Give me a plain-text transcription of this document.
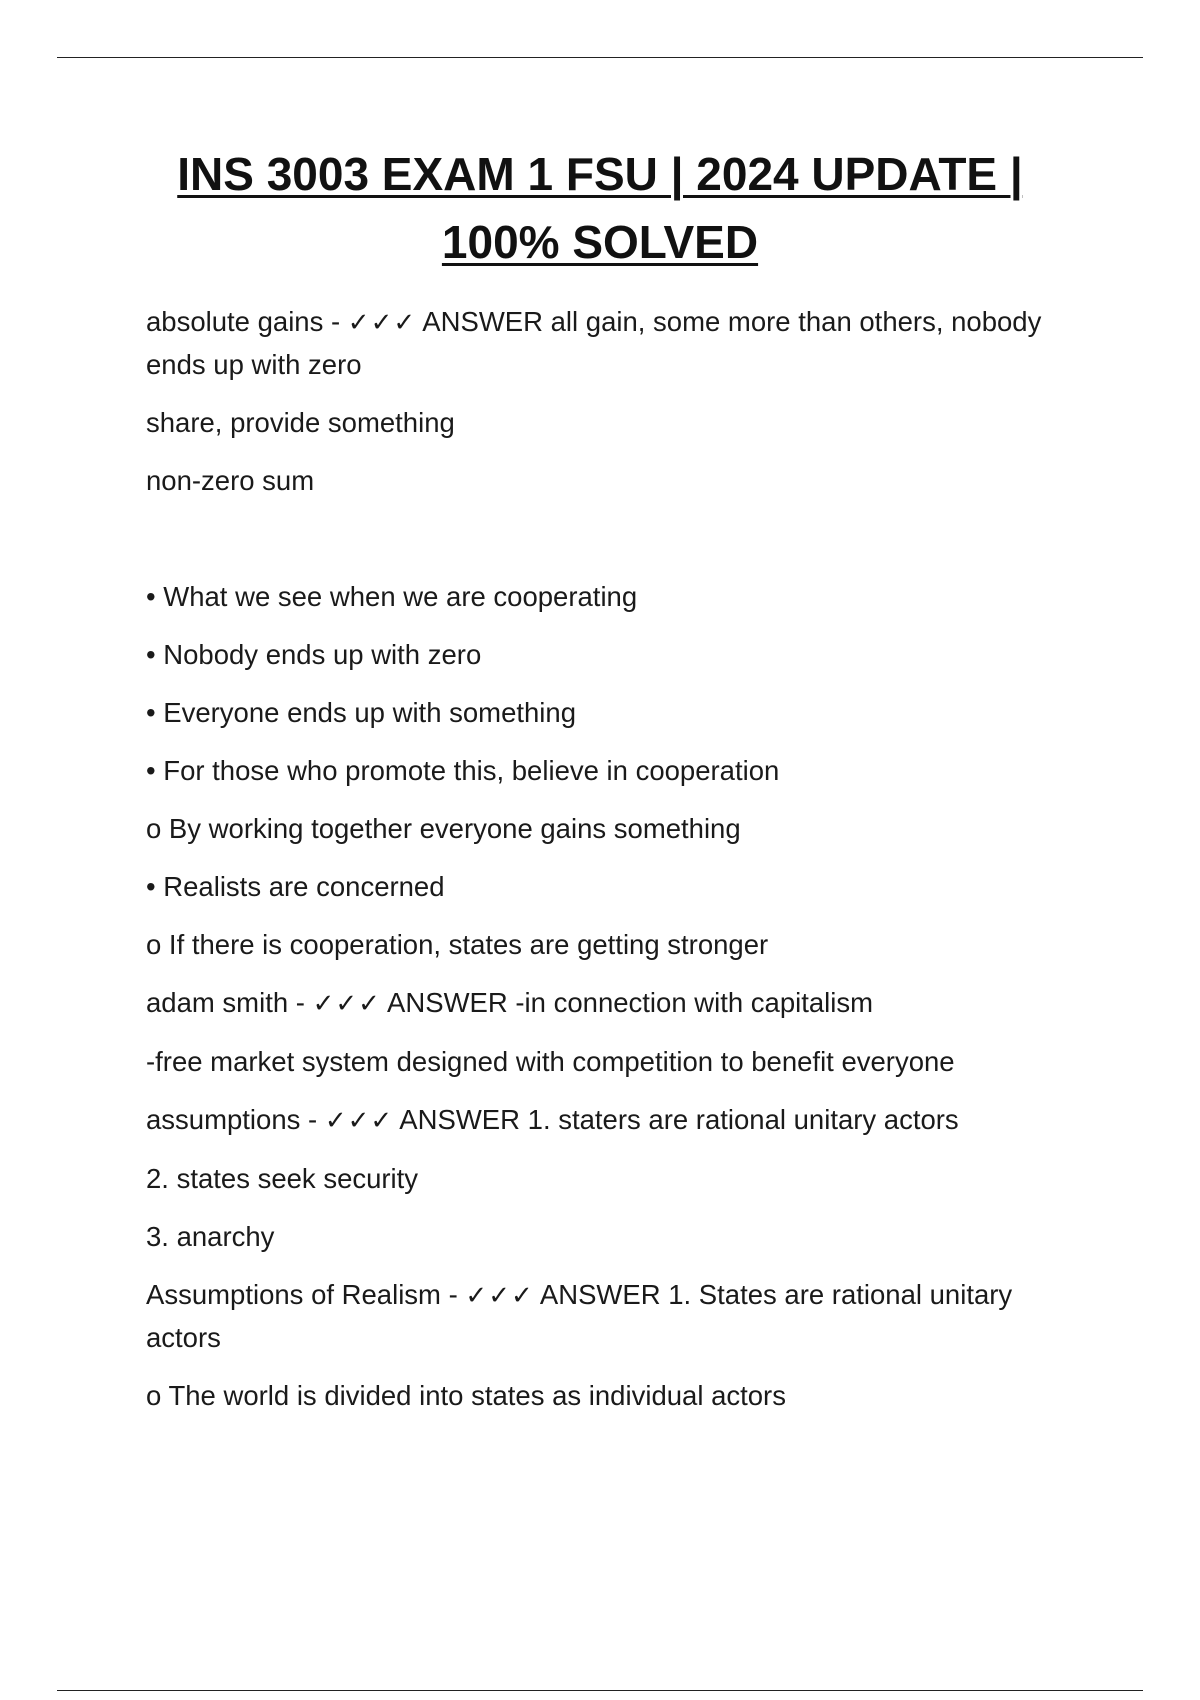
INS 3003 EXAM 1 FSU | 2024 UPDATE |
100% SOLVED

absolute gains - ✓✓✓ ANSWER all gain, some more than others, nobody ends up with zero

share, provide something

non-zero sum

• What we see when we are cooperating

• Nobody ends up with zero

• Everyone ends up with something

• For those who promote this, believe in cooperation

o By working together everyone gains something

• Realists are concerned

o If there is cooperation, states are getting stronger

adam smith - ✓✓✓ ANSWER -in connection with capitalism

-free market system designed with competition to benefit everyone

assumptions - ✓✓✓ ANSWER 1. staters are rational unitary actors

2. states seek security

3. anarchy

Assumptions of Realism - ✓✓✓ ANSWER 1. States are rational unitary actors

o The world is divided into states as individual actors
